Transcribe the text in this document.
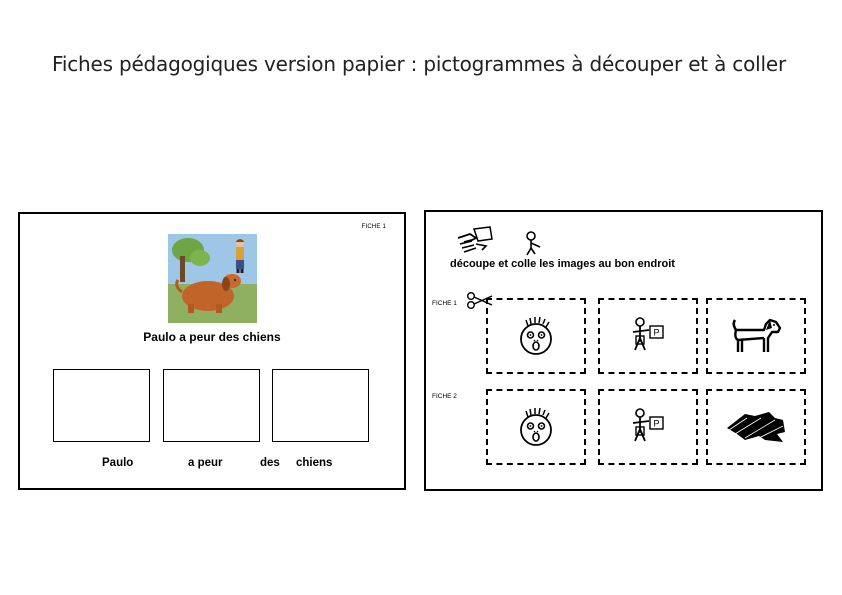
Fiches pédagogiques version papier : pictogrammes à découper et à coller
FICHE 1
Paulo a peur des chiens
Paulo	a peur	des chiens
découpe et colle les images au bon endroit
FICHE 1
FICHE 2
A
P
A
P
